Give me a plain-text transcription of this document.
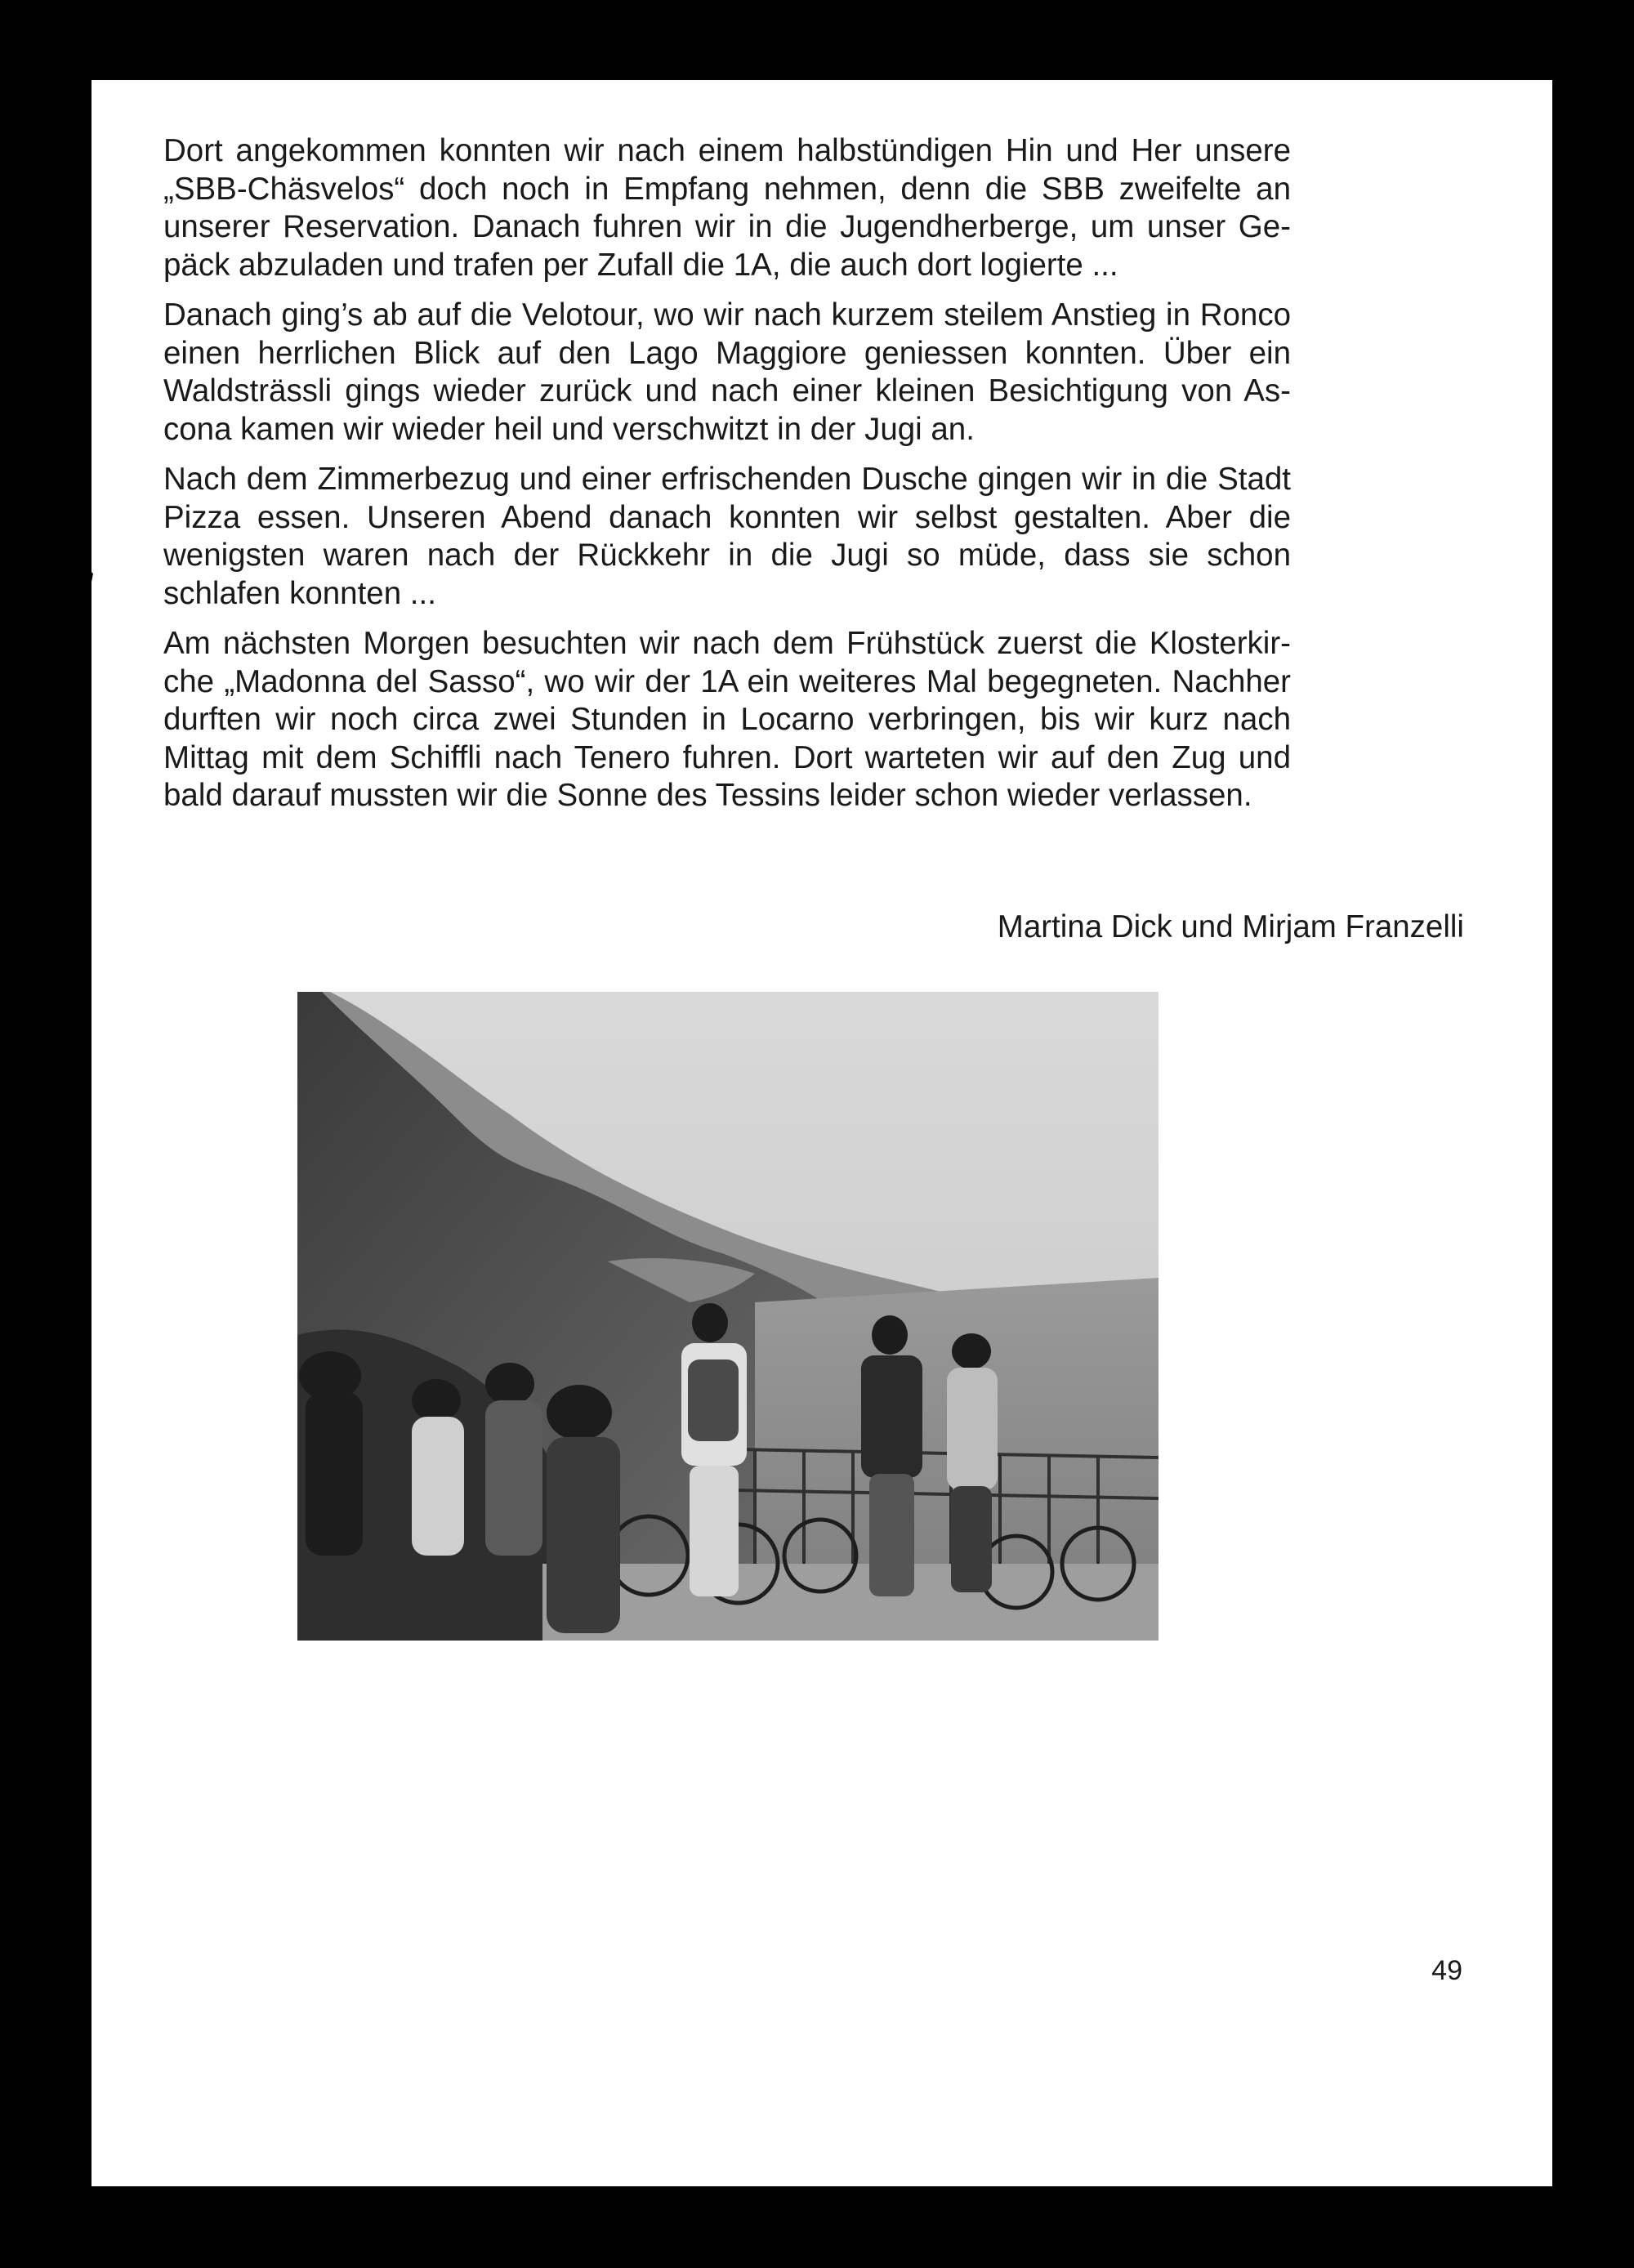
Dort angekommen konnten wir nach einem halbstündigen Hin und Her unsere „SBB-Chäsvelos“ doch noch in Empfang nehmen, denn die SBB zweifelte an unserer Reservation. Danach fuhren wir in die Jugendherberge, um unser Gepäck abzuladen und trafen per Zufall die 1A, die auch dort logierte ...

Danach ging’s ab auf die Velotour, wo wir nach kurzem steilem Anstieg in Ronco einen herrlichen Blick auf den Lago Maggiore geniessen konnten. Über ein Waldsträssli gings wieder zurück und nach einer kleinen Besichtigung von Ascona kamen wir wieder heil und verschwitzt in der Jugi an.

Nach dem Zimmerbezug und einer erfrischenden Dusche gingen wir in die Stadt Pizza essen. Unseren Abend danach konnten wir selbst gestalten. Aber die wenigsten waren nach der Rückkehr in die Jugi so müde, dass sie schon schlafen konnten ...

Am nächsten Morgen besuchten wir nach dem Frühstück zuerst die Klosterkirche „Madonna del Sasso“, wo wir der 1A ein weiteres Mal begegneten. Nachher durften wir noch circa zwei Stunden in Locarno verbringen, bis wir kurz nach Mittag mit dem Schiffli nach Tenero fuhren. Dort warteten wir auf den Zug und bald darauf mussten wir die Sonne des Tessins leider schon wieder verlassen.

Martina Dick und Mirjam Franzelli
49
